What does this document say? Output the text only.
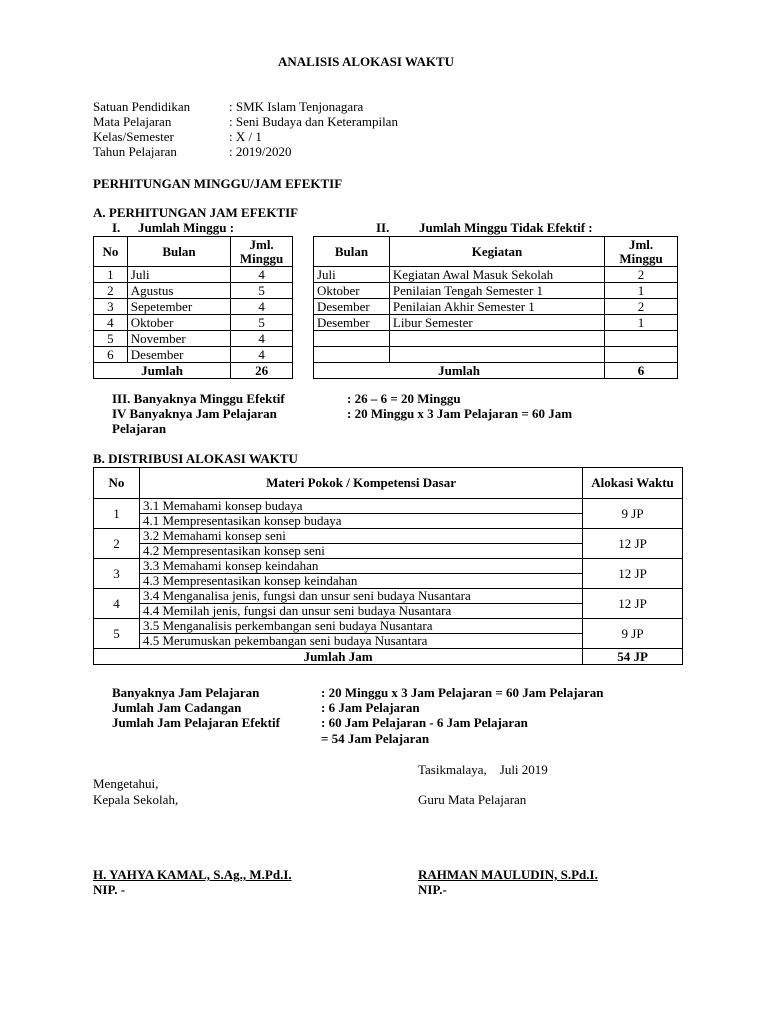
ANALISIS ALOKASI WAKTU
Satuan Pendidikan	: SMK Islam Tenjonagara
Mata Pelajaran	: Seni Budaya dan Keterampilan
Kelas/Semester	: X / 1
Tahun Pelajaran	: 2019/2020
PERHITUNGAN MINGGU/JAM EFEKTIF
A. PERHITUNGAN JAM EFEKTIF
I. Jumlah Minggu :	II. Jumlah Minggu Tidak Efektif :
No	Bulan	Jml. Minggu
1	Juli	4
2	Agustus	5
3	Sepetember	4
4	Oktober	5
5	November	4
6	Desember	4
Jumlah		26
Bulan	Kegiatan	Jml. Minggu
Juli	Kegiatan Awal Masuk Sekolah	2
Oktober	Penilaian Tengah Semester 1	1
Desember	Penilaian Akhir Semester 1	2
Desember	Libur Semester	1

Jumlah		6
III. Banyaknya Minggu Efektif	: 26 – 6 = 20 Minggu
IV Banyaknya Jam Pelajaran	: 20 Minggu x 3 Jam Pelajaran = 60 Jam
Pelajaran
B. DISTRIBUSI ALOKASI WAKTU
No	Materi Pokok / Kompetensi Dasar	Alokasi Waktu
1	3.1 Memahami konsep budaya
4.1 Mempresentasikan konsep budaya	9 JP
2	3.2 Memahami konsep seni
4.2 Mempresentasikan konsep seni	12 JP
3	3.3 Memahami konsep keindahan
4.3 Mempresentasikan konsep keindahan	12 JP
4	3.4 Menganalisa jenis, fungsi dan unsur seni budaya Nusantara
4.4 Memilah jenis, fungsi dan unsur seni budaya Nusantara	12 JP
5	3.5 Menganalisis perkembangan seni budaya Nusantara
4.5 Merumuskan pekembangan seni budaya Nusantara	9 JP
Jumlah Jam		54 JP
Banyaknya Jam Pelajaran	: 20 Minggu x 3 Jam Pelajaran = 60 Jam Pelajaran
Jumlah Jam Cadangan	: 6 Jam Pelajaran
Jumlah Jam Pelajaran Efektif	: 60 Jam Pelajaran - 6 Jam Pelajaran
= 54 Jam Pelajaran
Tasikmalaya,    Juli 2019
Mengetahui,
Kepala Sekolah,	Guru Mata Pelajaran
H. YAHYA KAMAL, S.Ag., M.Pd.I.
NIP. -
RAHMAN MAULUDIN, S.Pd.I.
NIP.-
